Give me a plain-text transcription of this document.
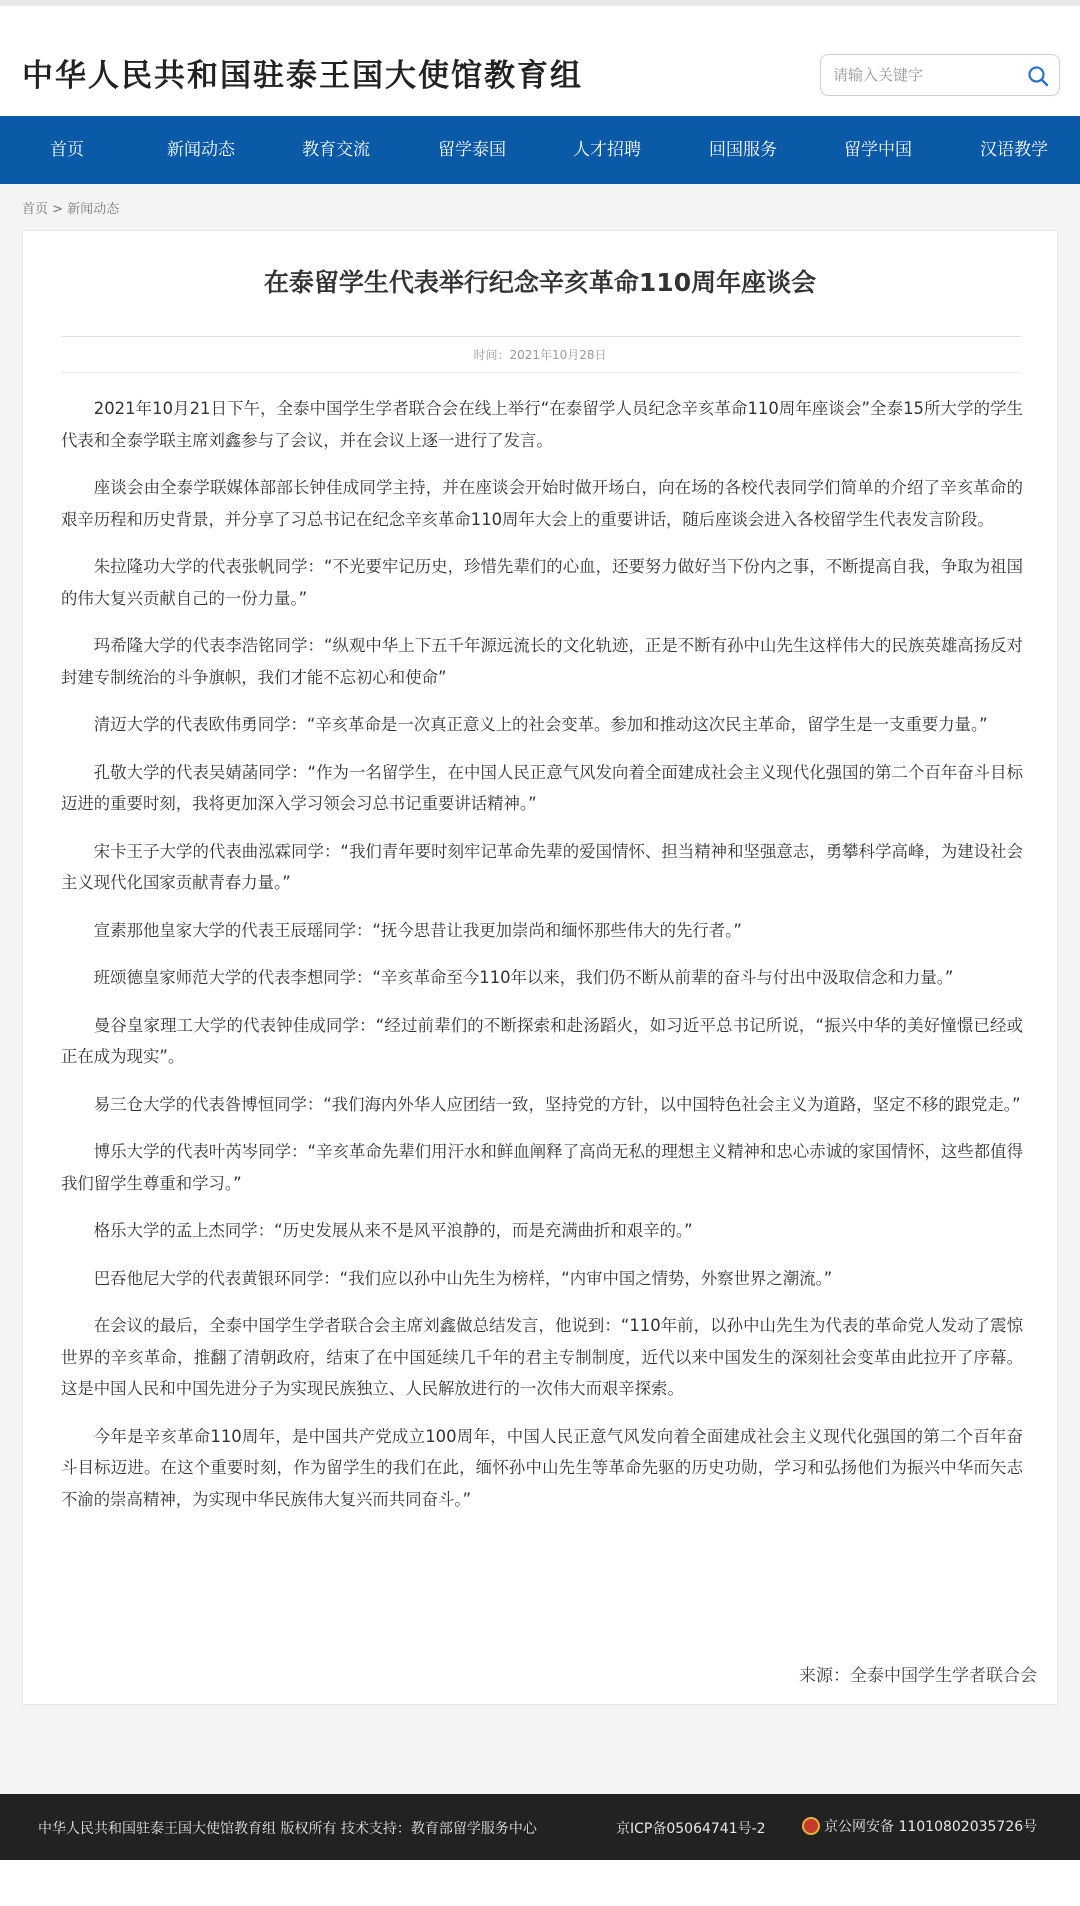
中华人民共和国驻泰王国大使馆教育组
请输入关键字
首页	新闻动态	教育交流	留学泰国	人才招聘	回国服务	留学中国	汉语教学
首页 > 新闻动态
在泰留学生代表举行纪念辛亥革命110周年座谈会
时间：2021年10月28日

2021年10月21日下午，全泰中国学生学者联合会在线上举行“在泰留学人员纪念辛亥革命110周年座谈会”全泰15所大学的学生代表和全泰学联主席刘鑫参与了会议，并在会议上逐一进行了发言。

座谈会由全泰学联媒体部部长钟佳成同学主持，并在座谈会开始时做开场白，向在场的各校代表同学们简单的介绍了辛亥革命的艰辛历程和历史背景，并分享了习总书记在纪念辛亥革命110周年大会上的重要讲话，随后座谈会进入各校留学生代表发言阶段。

朱拉隆功大学的代表张帆同学：“不光要牢记历史，珍惜先辈们的心血，还要努力做好当下份内之事，不断提高自我，争取为祖国的伟大复兴贡献自己的一份力量。”

玛希隆大学的代表李浩铭同学：“纵观中华上下五千年源远流长的文化轨迹，正是不断有孙中山先生这样伟大的民族英雄高扬反对封建专制统治的斗争旗帜，我们才能不忘初心和使命”

清迈大学的代表欧伟勇同学：“辛亥革命是一次真正意义上的社会变革。参加和推动这次民主革命，留学生是一支重要力量。”

孔敬大学的代表吴婧菡同学：“作为一名留学生，在中国人民正意气风发向着全面建成社会主义现代化强国的第二个百年奋斗目标迈进的重要时刻，我将更加深入学习领会习总书记重要讲话精神。”

宋卡王子大学的代表曲泓霖同学：“我们青年要时刻牢记革命先辈的爱国情怀、担当精神和坚强意志，勇攀科学高峰，为建设社会主义现代化国家贡献青春力量。”

宣素那他皇家大学的代表王辰瑶同学：“抚今思昔让我更加崇尚和缅怀那些伟大的先行者。”

班颂德皇家师范大学的代表李想同学：“辛亥革命至今110年以来，我们仍不断从前辈的奋斗与付出中汲取信念和力量。”

曼谷皇家理工大学的代表钟佳成同学：“经过前辈们的不断探索和赴汤蹈火，如习近平总书记所说，“振兴中华的美好憧憬已经或正在成为现实”。

易三仓大学的代表昝博恒同学：“我们海内外华人应团结一致，坚持党的方针，以中国特色社会主义为道路，坚定不移的跟党走。”

博乐大学的代表叶芮岑同学：“辛亥革命先辈们用汗水和鲜血阐释了高尚无私的理想主义精神和忠心赤诚的家国情怀，这些都值得我们留学生尊重和学习。”

格乐大学的孟上杰同学：“历史发展从来不是风平浪静的，而是充满曲折和艰辛的。”

巴吞他尼大学的代表黄银环同学：“我们应以孙中山先生为榜样，“内审中国之情势，外察世界之潮流。”

在会议的最后，全泰中国学生学者联合会主席刘鑫做总结发言，他说到：“110年前，以孙中山先生为代表的革命党人发动了震惊世界的辛亥革命，推翻了清朝政府，结束了在中国延续几千年的君主专制制度，近代以来中国发生的深刻社会变革由此拉开了序幕。这是中国人民和中国先进分子为实现民族独立、人民解放进行的一次伟大而艰辛探索。

今年是辛亥革命110周年，是中国共产党成立100周年，中国人民正意气风发向着全面建成社会主义现代化强国的第二个百年奋斗目标迈进。在这个重要时刻，作为留学生的我们在此，缅怀孙中山先生等革命先驱的历史功勋，学习和弘扬他们为振兴中华而矢志不渝的崇高精神，为实现中华民族伟大复兴而共同奋斗。”

来源：全泰中国学生学者联合会
中华人民共和国驻泰王国大使馆教育组 版权所有 技术支持：教育部留学服务中心	京ICP备05064741号-2	京公网安备 11010802035726号
